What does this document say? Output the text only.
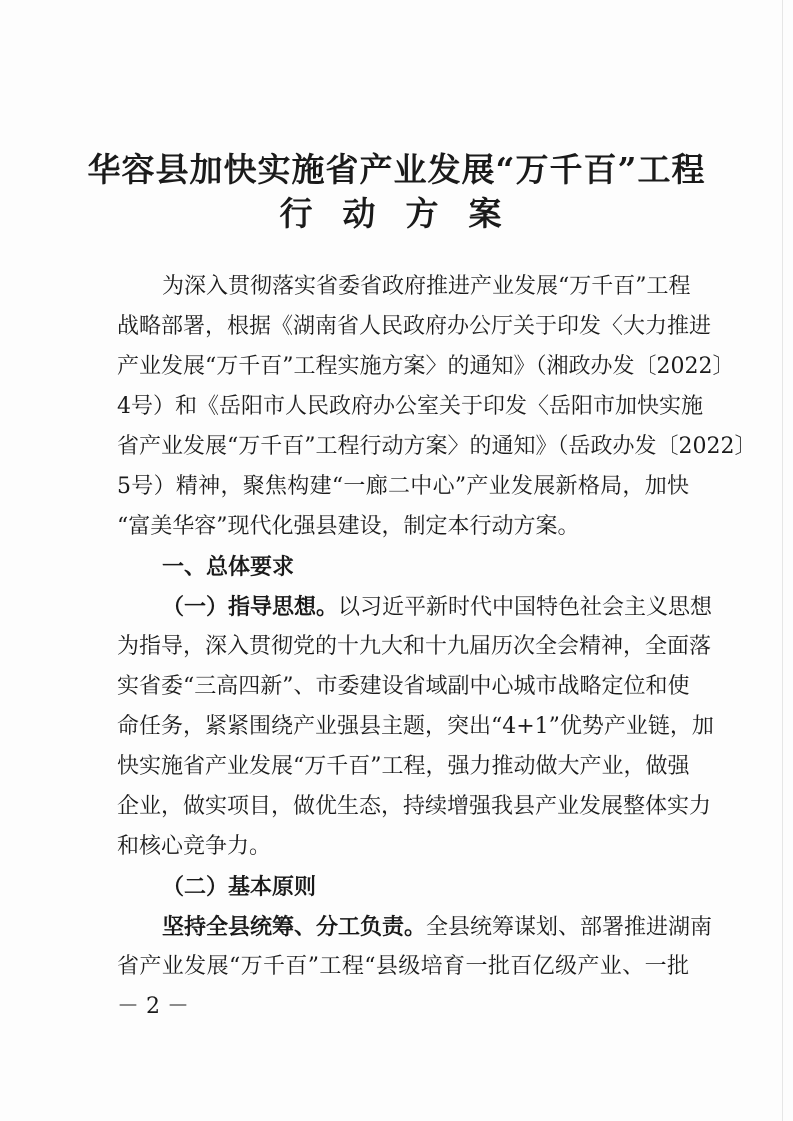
华容县加快实施省产业发展“万千百”工程
行动方案
为深入贯彻落实省委省政府推进产业发展“万千百”工程
战略部署，根据《湖南省人民政府办公厅关于印发〈大力推进
产业发展“万千百”工程实施方案〉的通知》（湘政办发〔2022〕
4号）和《岳阳市人民政府办公室关于印发〈岳阳市加快实施
省产业发展“万千百”工程行动方案〉的通知》（岳政办发〔2022〕
5号）精神，聚焦构建“一廊二中心”产业发展新格局，加快
“富美华容”现代化强县建设，制定本行动方案。
一、总体要求
（一）指导思想。以习近平新时代中国特色社会主义思想
为指导，深入贯彻党的十九大和十九届历次全会精神，全面落
实省委“三高四新”、市委建设省域副中心城市战略定位和使
命任务，紧紧围绕产业强县主题，突出“4+1”优势产业链，加
快实施省产业发展“万千百”工程，强力推动做大产业，做强
企业，做实项目，做优生态，持续增强我县产业发展整体实力
和核心竞争力。
（二）基本原则
坚持全县统筹、分工负责。全县统筹谋划、部署推进湖南
省产业发展“万千百”工程“县级培育一批百亿级产业、一批
－ 2 －
